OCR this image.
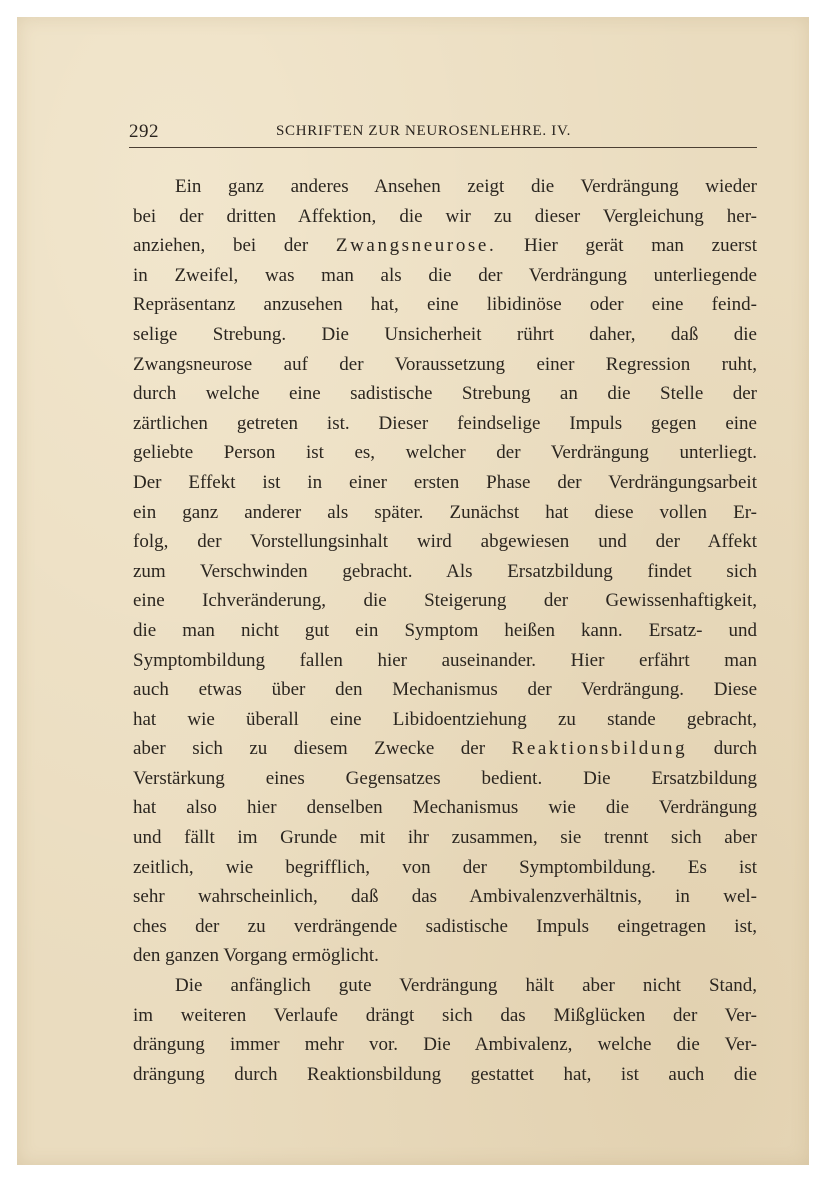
292	SCHRIFTEN ZUR NEUROSENLEHRE. IV.
Ein ganz anderes Ansehen zeigt die Verdrängung wieder
bei der dritten Affektion, die wir zu dieser Vergleichung her-
anziehen, bei der Zwangsneurose. Hier gerät man zuerst
in Zweifel, was man als die der Verdrängung unterliegende
Repräsentanz anzusehen hat, eine libidinöse oder eine feind-
selige Strebung. Die Unsicherheit rührt daher, daß die
Zwangsneurose auf der Voraussetzung einer Regression ruht,
durch welche eine sadistische Strebung an die Stelle der
zärtlichen getreten ist. Dieser feindselige Impuls gegen eine
geliebte Person ist es, welcher der Verdrängung unterliegt.
Der Effekt ist in einer ersten Phase der Verdrängungsarbeit
ein ganz anderer als später. Zunächst hat diese vollen Er-
folg, der Vorstellungsinhalt wird abgewiesen und der Affekt
zum Verschwinden gebracht. Als Ersatzbildung findet sich
eine Ichveränderung, die Steigerung der Gewissenhaftigkeit,
die man nicht gut ein Symptom heißen kann. Ersatz- und
Symptombildung fallen hier auseinander. Hier erfährt man
auch etwas über den Mechanismus der Verdrängung. Diese
hat wie überall eine Libidoentziehung zu stande gebracht,
aber sich zu diesem Zwecke der Reaktionsbildung durch
Verstärkung eines Gegensatzes bedient. Die Ersatzbildung
hat also hier denselben Mechanismus wie die Verdrängung
und fällt im Grunde mit ihr zusammen, sie trennt sich aber
zeitlich, wie begrifflich, von der Symptombildung. Es ist
sehr wahrscheinlich, daß das Ambivalenzverhältnis, in wel-
ches der zu verdrängende sadistische Impuls eingetragen ist,
den ganzen Vorgang ermöglicht.
Die anfänglich gute Verdrängung hält aber nicht Stand,
im weiteren Verlaufe drängt sich das Mißglücken der Ver-
drängung immer mehr vor. Die Ambivalenz, welche die Ver-
drängung durch Reaktionsbildung gestattet hat, ist auch die
